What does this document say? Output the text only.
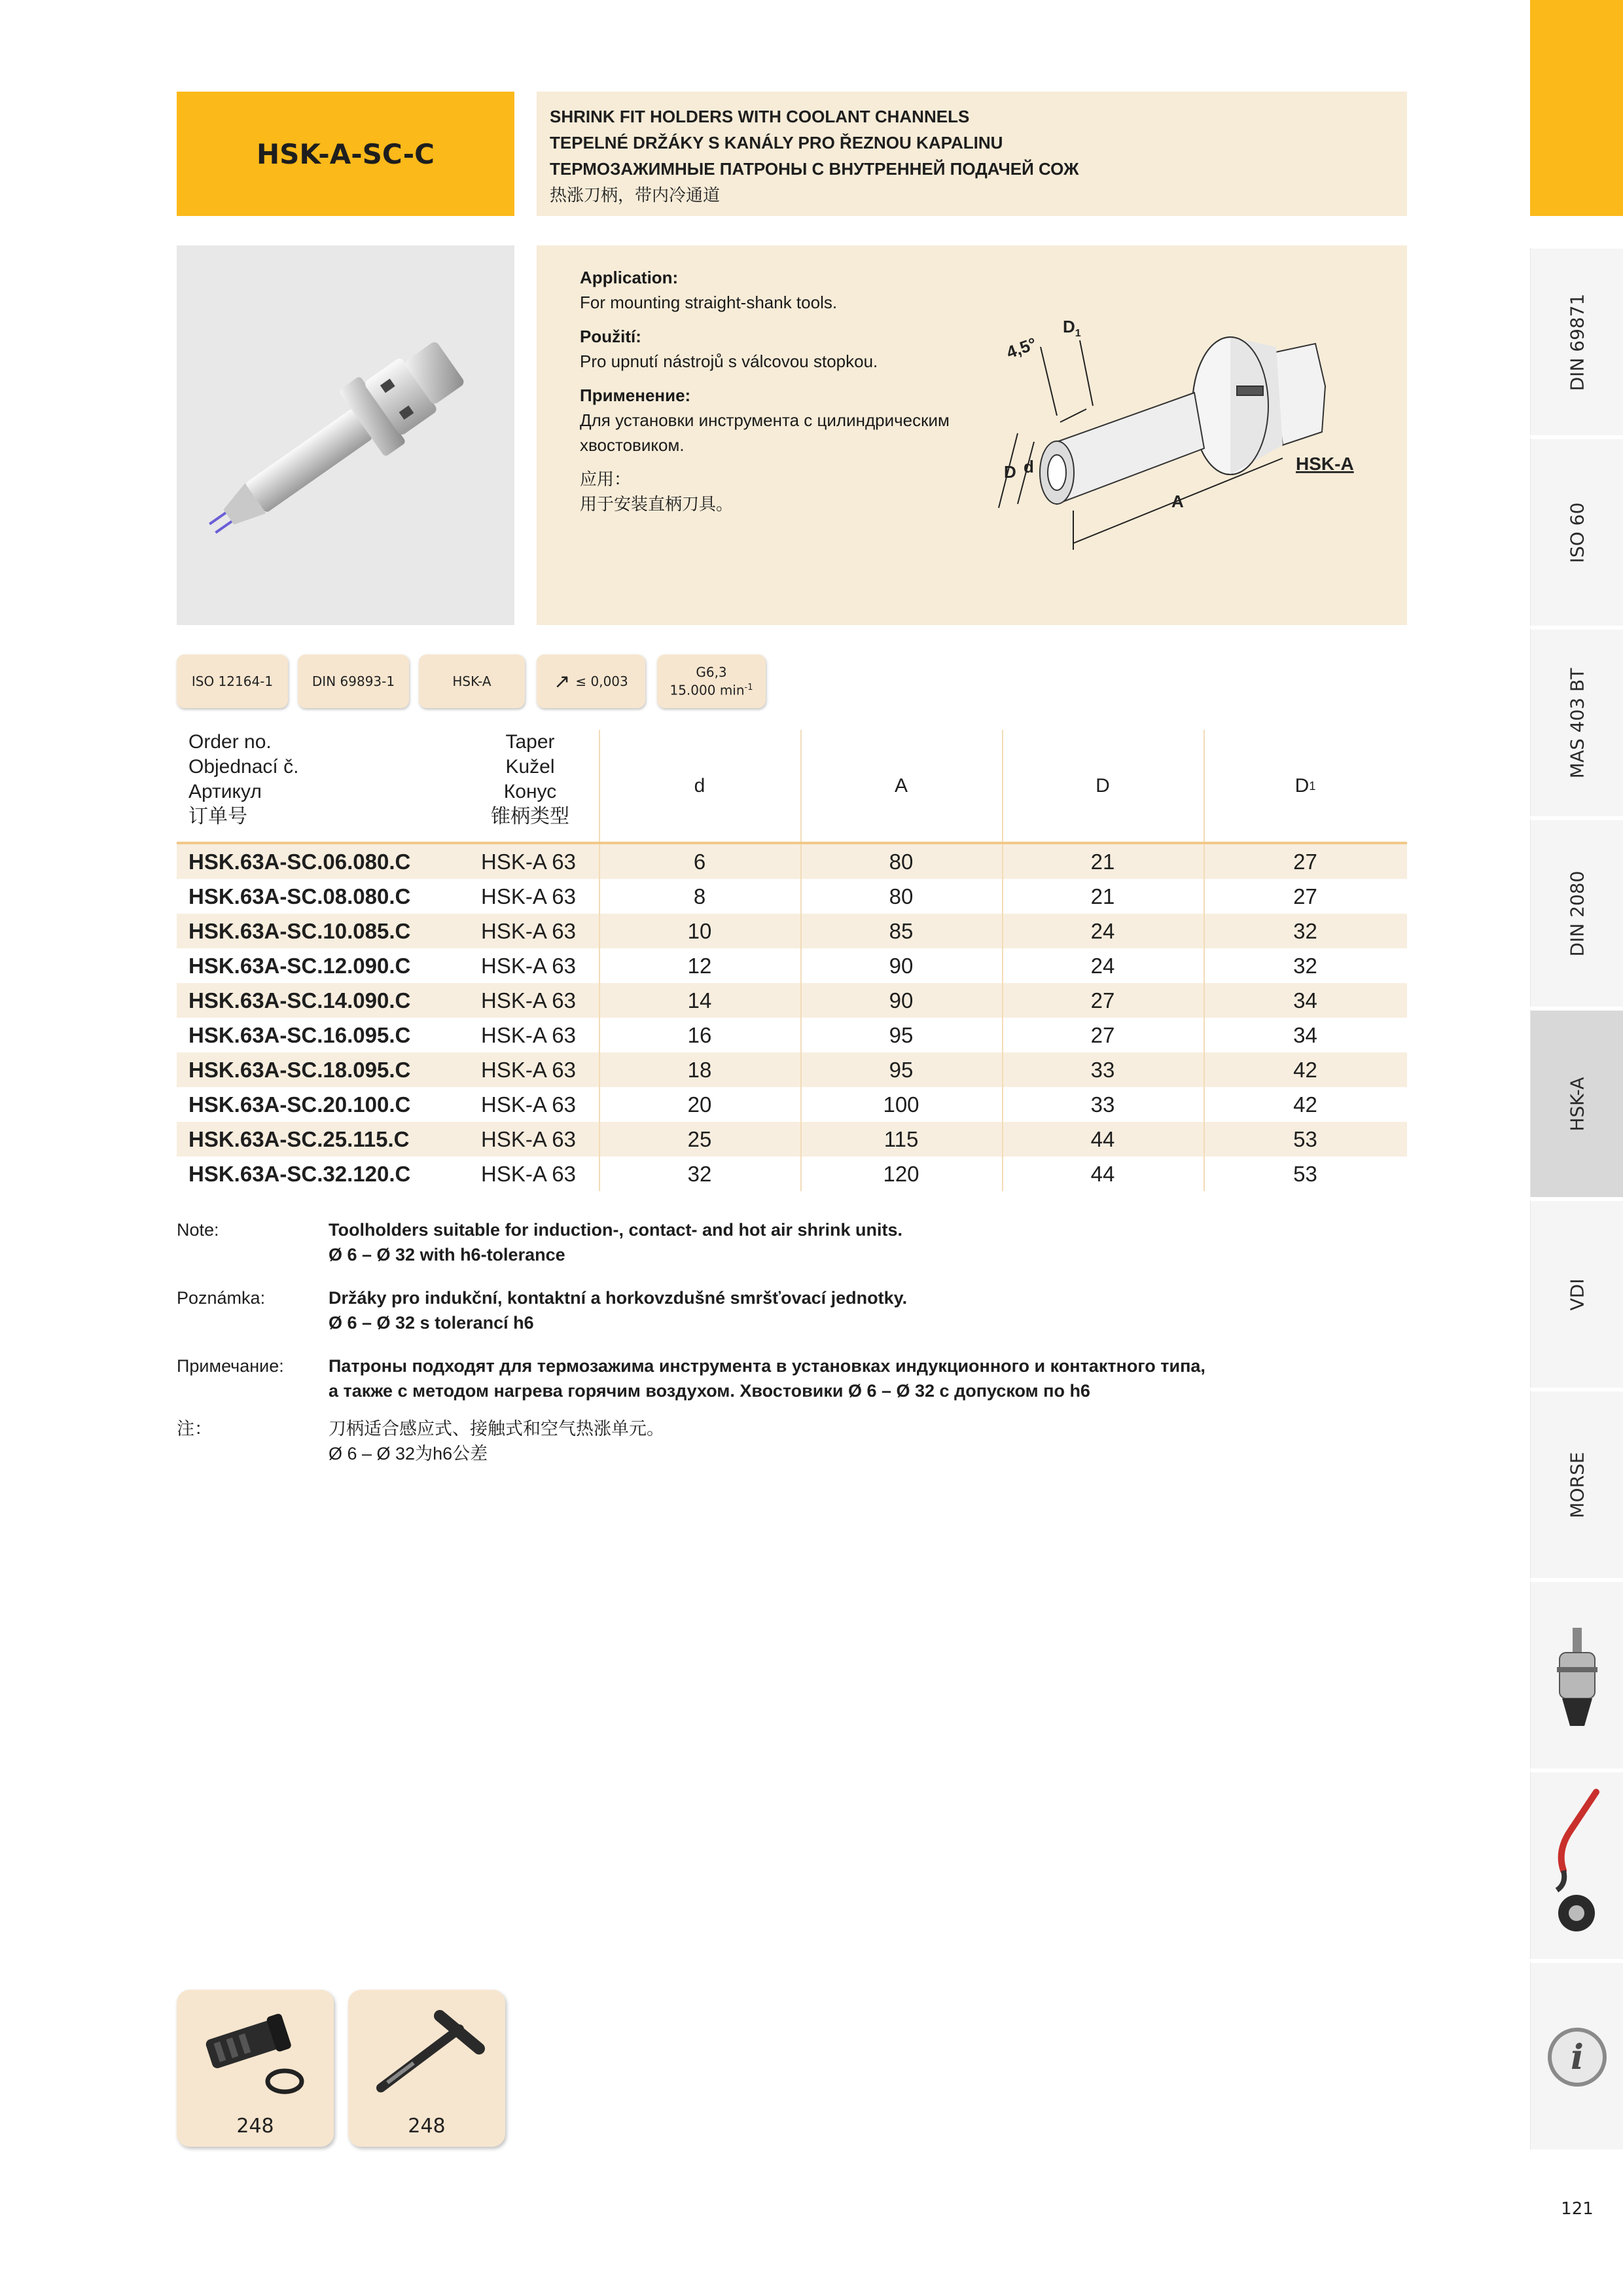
HSK-A-SC-C
SHRINK FIT HOLDERS WITH COOLANT CHANNELS
TEPELNÉ DRŽÁKY S KANÁLY PRO ŘEZNOU KAPALINU
ТЕРМОЗАЖИМНЫЕ ПАТРОНЫ С ВНУТРЕННЕЙ ПОДАЧЕЙ СОЖ
热涨刀柄，带内冷通道
Application:
For mounting straight-shank tools.
Použití:
Pro upnutí nástrojů s válcovou stopkou.
Применение:
Для установки инструмента с цилиндрическим хвостовиком.
应用：
用于安装直柄刀具。
4,5°
$D_1$
D d
A
HSK-A
ISO 12164-1	DIN 69893-1	HSK-A	↗ ≤ 0,003
G6,3
15.000 $\min^{-1}$
Order no.
Objednací č.
Артикул
订单号
Taper
Kužel
Конус
锥柄类型
d	A	D	D 1
HSK.63A-SC.06.080.C	HSK-A 63	6	80	21	27
HSK.63A-SC.08.080.C	HSK-A 63	8	80	21	27
HSK.63A-SC.10.085.C	HSK-A 63	10	85	24	32
HSK.63A-SC.12.090.C	HSK-A 63	12	90	24	32
HSK.63A-SC.14.090.C	HSK-A 63	14	90	27	34
HSK.63A-SC.16.095.C	HSK-A 63	16	95	27	34
HSK.63A-SC.18.095.C	HSK-A 63	18	95	33	42
HSK.63A-SC.20.100.C	HSK-A 63	20	100	33	42
HSK.63A-SC.25.115.C	HSK-A 63	25	115	44	53
HSK.63A-SC.32.120.C	HSK-A 63	32	120	44	53
Note:	Toolholders suitable for induction-, contact- and hot air shrink units.
Ø 6 – Ø 32 with h6-tolerance
Poznámka:	Držáky pro indukční, kontaktní a horkovzdušné smršťovací jednotky.
Ø 6 – Ø 32 s tolerancí h6
Примечание:	Патроны подходят для термозажима инструмента в установках индукционного и контактного типа,
а также с методом нагрева горячим воздухом. Хвостовики Ø 6 – Ø 32 с допуском по h6
注：	刀柄适合感应式、接触式和空气热涨单元。
Ø 6 – Ø 32为h6公差
248	248
DIN 69871
ISO 60
MAS 403 BT
DIN 2080
HSK-A
VDI
MORSE
i
121
